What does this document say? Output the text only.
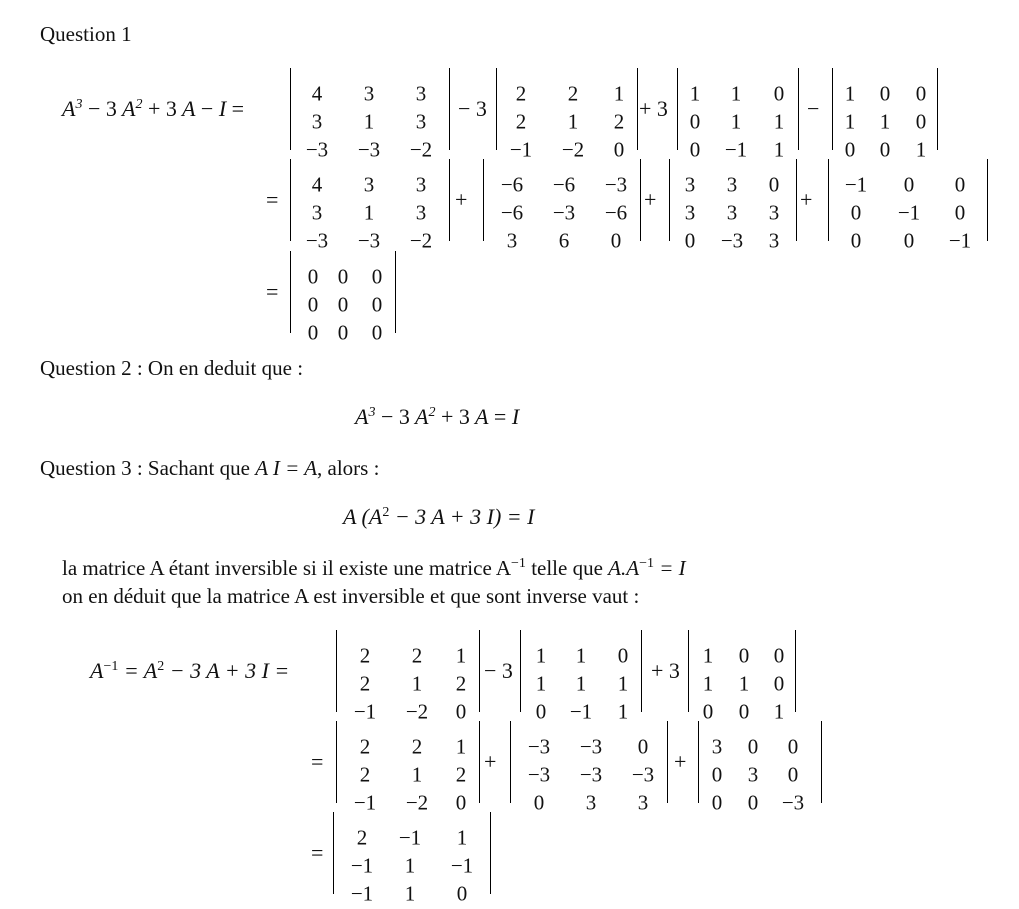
Question 1
$A^3 - 3$ $A^2 + 3$ A − I =
4 3 3
3 1 3
−3 −3 −2
− 3
2 2 1
2 1 2
−1 −2 0
+ 3
1 1 0
0 1 1
0 −1 1
−
1 0 0
1 1 0
0 0 1
=
4 3 3
3 1 3
−3 −3 −2
+
−6 −6 −3
−6 −3 −6
3 6 0
+
3 3 0
3 3 3
0 −3 3
+
−1 0 0
0 −1 0
0 0 −1
=
0 0 0
0 0 0
0 0 0
Question 2 : On en deduit que :
$A^3 - 3$ $A^2 + 3$ A = I
Question 3 : Sachant que A I = A, alors :
A ($A^2 - 3$ A + 3 I) = I
la matrice A étant inversible si il existe une matrice $A^{-1}$ telle que $A.A^{-1} = I$
on en déduit que la matrice A est inversible et que sont inverse vaut :
$A^{-1} = A^2 - 3$ A + 3 I =
2 2 1
2 1 2
−1 −2 0
− 3
1 1 0
1 1 1
0 −1 1
+ 3
1 0 0
1 1 0
0 0 1
=
2 2 1
2 1 2
−1 −2 0
+
−3 −3 0
−3 −3 −3
0 3 3
+
3 0 0
0 3 0
0 0 −3
=
2 −1 1
−1 1 −1
−1 1 0
